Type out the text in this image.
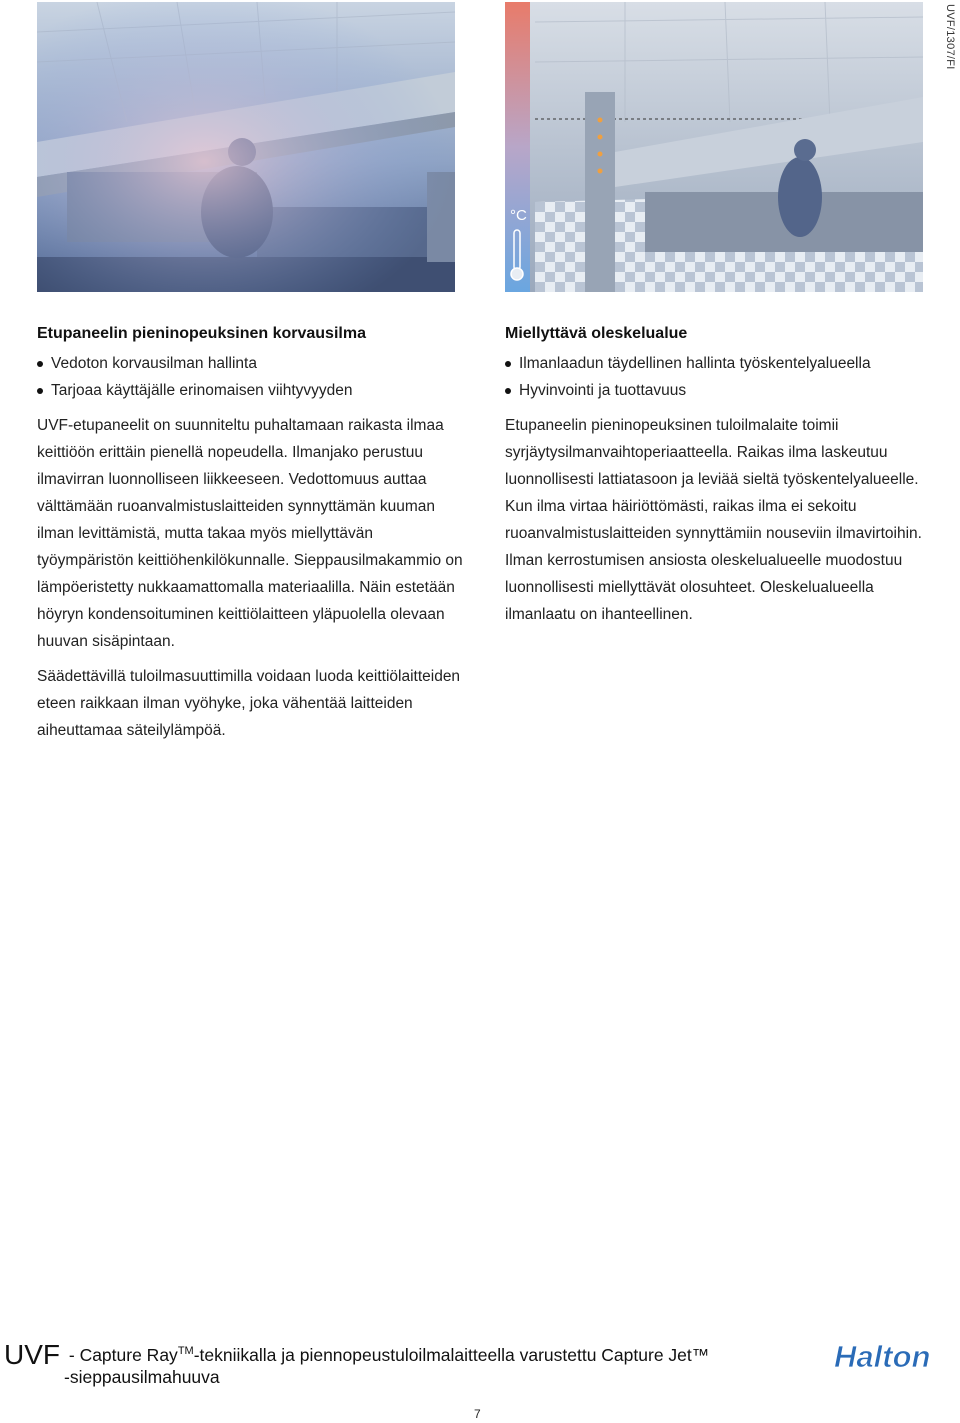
UVF/1307/FI
°C
Etupaneelin pieninopeuksinen korvausilma
Vedoton korvausilman hallinta
Tarjoaa käyttäjälle erinomaisen viihtyvyyden

UVF-etupaneelit on suunniteltu puhaltamaan raikasta ilmaa keittiöön erittäin pienellä nopeudella. Ilmanjako perustuu ilmavirran luonnolliseen liikkeeseen. Vedottomuus auttaa välttämään ruoanvalmistuslaitteiden synnyttämän kuuman ilman levittämistä, mutta takaa myös miellyttävän työympäristön keittiöhenkilökunnalle. Sieppausilmakammio on lämpöeristetty nukkaamattomalla materiaalilla. Näin estetään höyryn kondensoituminen keittiölaitteen yläpuolella olevaan huuvan sisäpintaan.

Säädettävillä tuloilmasuuttimilla voidaan luoda keittiölaitteiden eteen raikkaan ilman vyöhyke, joka vähentää laitteiden aiheuttamaa säteilylämpöä.

Miellyttävä oleskelualue
Ilmanlaadun täydellinen hallinta työskentelyalueella
Hyvinvointi ja tuottavuus

Etupaneelin pieninopeuksinen tuloilmalaite toimii syrjäytysilmanvaihtoperiaatteella. Raikas ilma laskeutuu luonnollisesti lattiatasoon ja leviää sieltä työskentelyalueelle. Kun ilma virtaa häiriöttömästi, raikas ilma ei sekoitu ruoanvalmistuslaitteiden synnyttämiin nouseviin ilmavirtoihin. Ilman kerrostumisen ansiosta oleskelualueelle muodostuu luonnollisesti miellyttävät olosuhteet. Oleskelualueella ilmanlaatu on ihanteellinen.

UVF - Capture Ray™-tekniikalla ja piennopeustuloilmalaitteella varustettu Capture Jet™
-sieppausilmahuuva
Halton
7
